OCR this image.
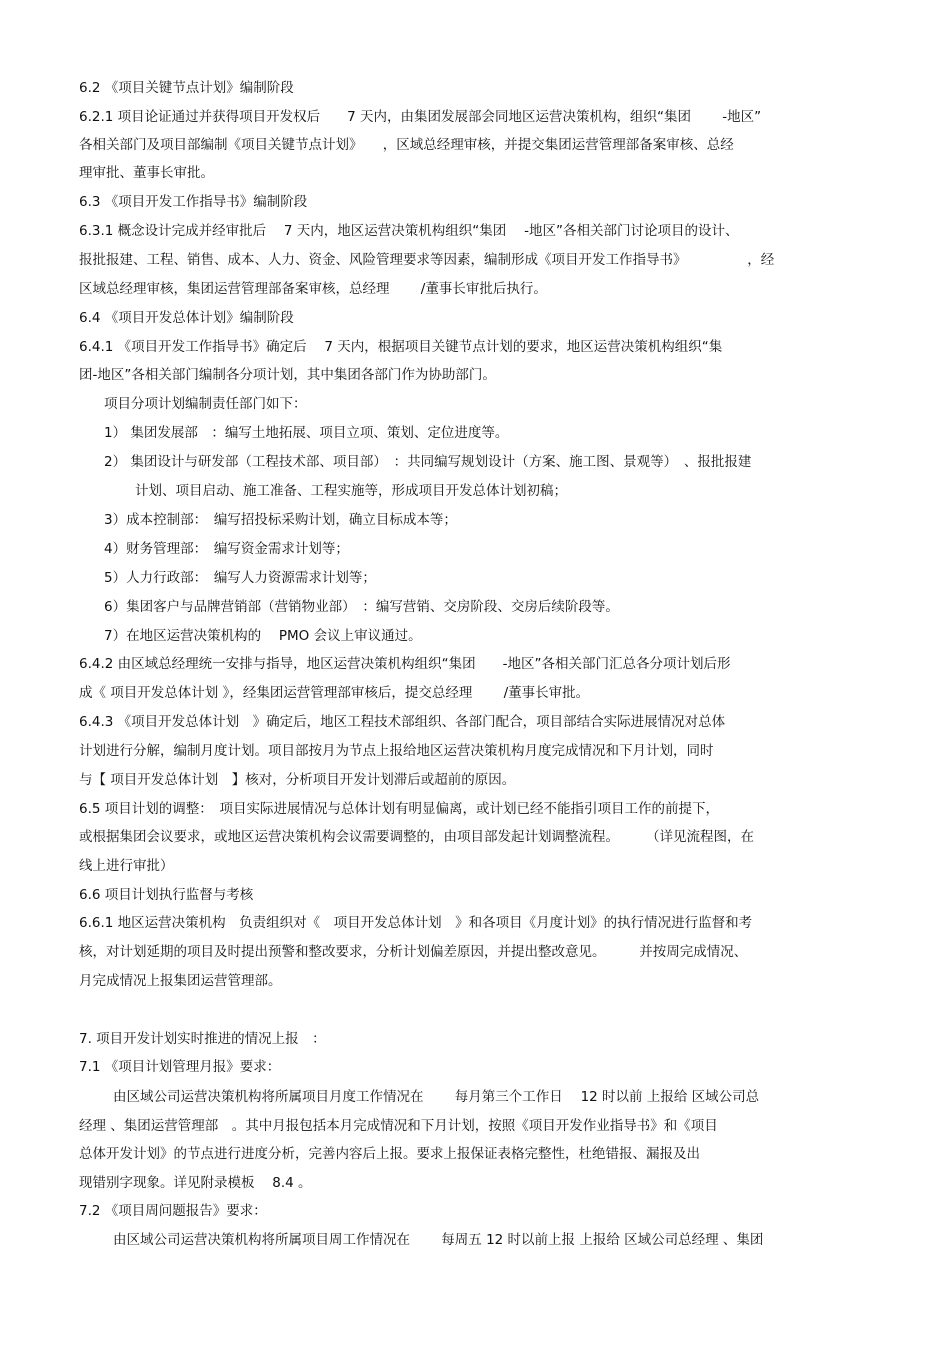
6.2 《项目关键节点计划》编制阶段
6.2.1 项目论证通过并获得项目开发权后　　7 天内，由集团发展部会同地区运营决策机构，组织“集团　　 -地区”
各相关部门及项目部编制《项目关键节点计划》　　，区域总经理审核，并提交集团运营管理部备案审核、总经
理审批、董事长审批。
6.3 《项目开发工作指导书》编制阶段
6.3.1 概念设计完成并经审批后　 7 天内，地区运营决策机构组织“集团　 -地区”各相关部门讨论项目的设计、
报批报建、工程、销售、成本、人力、资金、风险管理要求等因素，编制形成《项目开发工作指导书》　　　　　，经
区域总经理审核，集团运营管理部备案审核，总经理　　 /董事长审批后执行。
6.4 《项目开发总体计划》编制阶段
6.4.1 《项目开发工作指导书》确定后　 7 天内，根据项目关键节点计划的要求，地区运营决策机构组织“集
团-地区”各相关部门编制各分项计划，其中集团各部门作为协助部门。
项目分项计划编制责任部门如下：
1） 集团发展部　：编写土地拓展、项目立项、策划、定位进度等。
2） 集团设计与研发部（工程技术部、项目部）　：共同编写规划设计（方案、施工图、景观等）　、报批报建
计划、项目启动、施工准备、工程实施等，形成项目开发总体计划初稿；
3）成本控制部：　编写招投标采购计划，确立目标成本等；
4）财务管理部：　编写资金需求计划等；
5）人力行政部：　编写人力资源需求计划等；
6）集团客户与品牌营销部（营销物业部）　：编写营销、交房阶段、交房后续阶段等。
7）在地区运营决策机构的　 PMO 会议上审议通过。
6.4.2 由区域总经理统一安排与指导，地区运营决策机构组织“集团　　-地区”各相关部门汇总各分项计划后形
成《 项目开发总体计划 》，经集团运营管理部审核后，提交总经理　　 /董事长审批。
6.4.3 《项目开发总体计划　》确定后，地区工程技术部组织、各部门配合，项目部结合实际进展情况对总体
计划进行分解，编制月度计划。项目部按月为节点上报给地区运营决策机构月度完成情况和下月计划，同时
与【 项目开发总体计划　】核对，分析项目开发计划滞后或超前的原因。
6.5 项目计划的调整：　项目实际进展情况与总体计划有明显偏离，或计划已经不能指引项目工作的前提下，
或根据集团会议要求，或地区运营决策机构会议需要调整的，由项目部发起计划调整流程。　　　（详见流程图，在
线上进行审批）
6.6 项目计划执行监督与考核
6.6.1 地区运营决策机构　负责组织对《　项目开发总体计划　》和各项目《月度计划》的执行情况进行监督和考
核，对计划延期的项目及时提出预警和整改要求，分析计划偏差原因，并提出整改意见。　　　并按周完成情况、
月完成情况上报集团运营管理部。
7. 项目开发计划实时推进的情况上报　：
7.1 《项目计划管理月报》要求：
由区域公司运营决策机构将所属项目月度工作情况在　　 每月第三个工作日　 12 时以前 上报给 区域公司总
经理 、集团运营管理部　。其中月报包括本月完成情况和下月计划，按照《项目开发作业指导书》和《项目
总体开发计划》的节点进行进度分析，完善内容后上报。要求上报保证表格完整性，杜绝错报、漏报及出
现错别字现象。详见附录模板　 8.4 。
7.2 《项目周问题报告》要求：
由区域公司运营决策机构将所属项目周工作情况在　　 每周五 12 时以前上报 上报给 区域公司总经理 、集团
